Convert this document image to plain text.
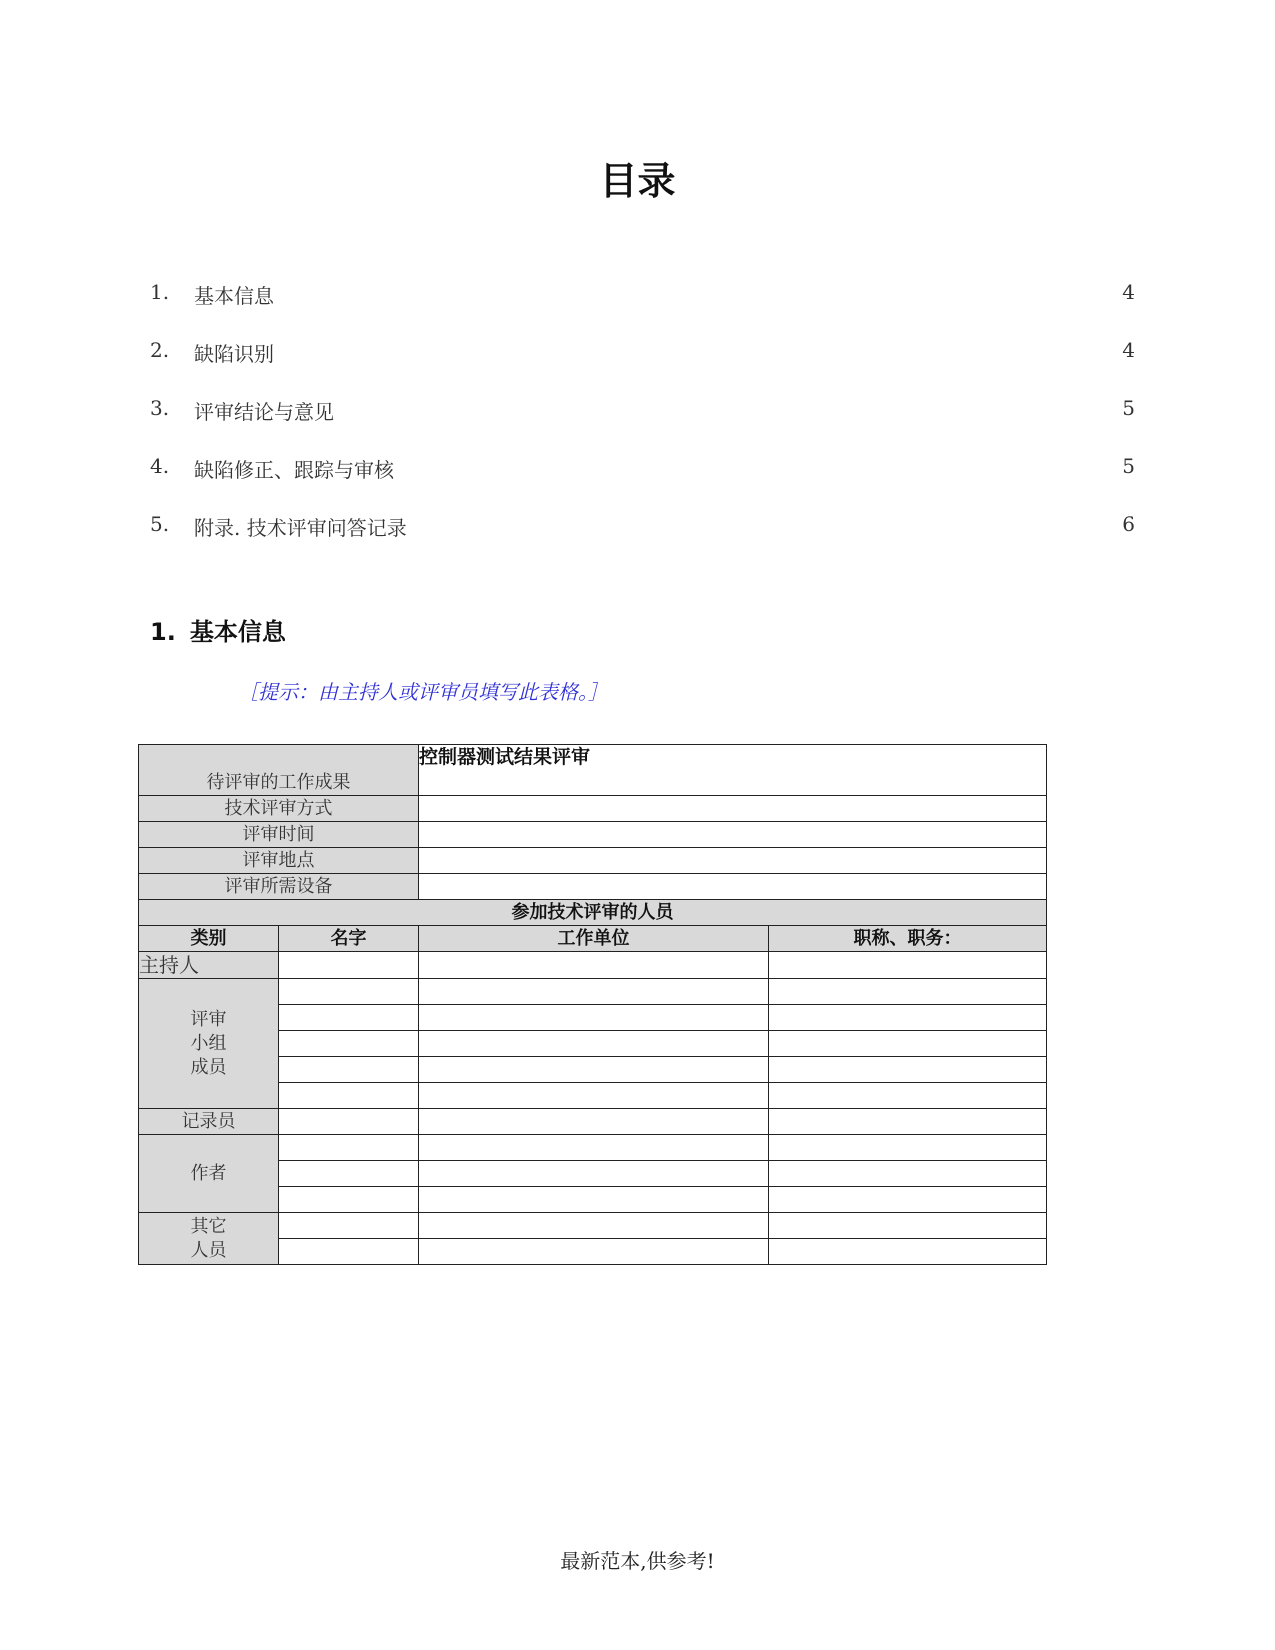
目录
1. 基本信息	4
2. 缺陷识别	4
3. 评审结论与意见	5
4. 缺陷修正、跟踪与审核	5
5. 附录. 技术评审问答记录	6
1. 基本信息
［提示：由主持人或评审员填写此表格。］
待评审的工作成果		控制器测试结果评审	
技术评审方式			
评审时间			
评审地点			
评审所需设备			
参加技术评审的人员			
类别	名字	工作单位	职称、职务：
主持人			

评审
小组
成员			

记录员			
作者			

其它
人员			

最新范本,供参考!
